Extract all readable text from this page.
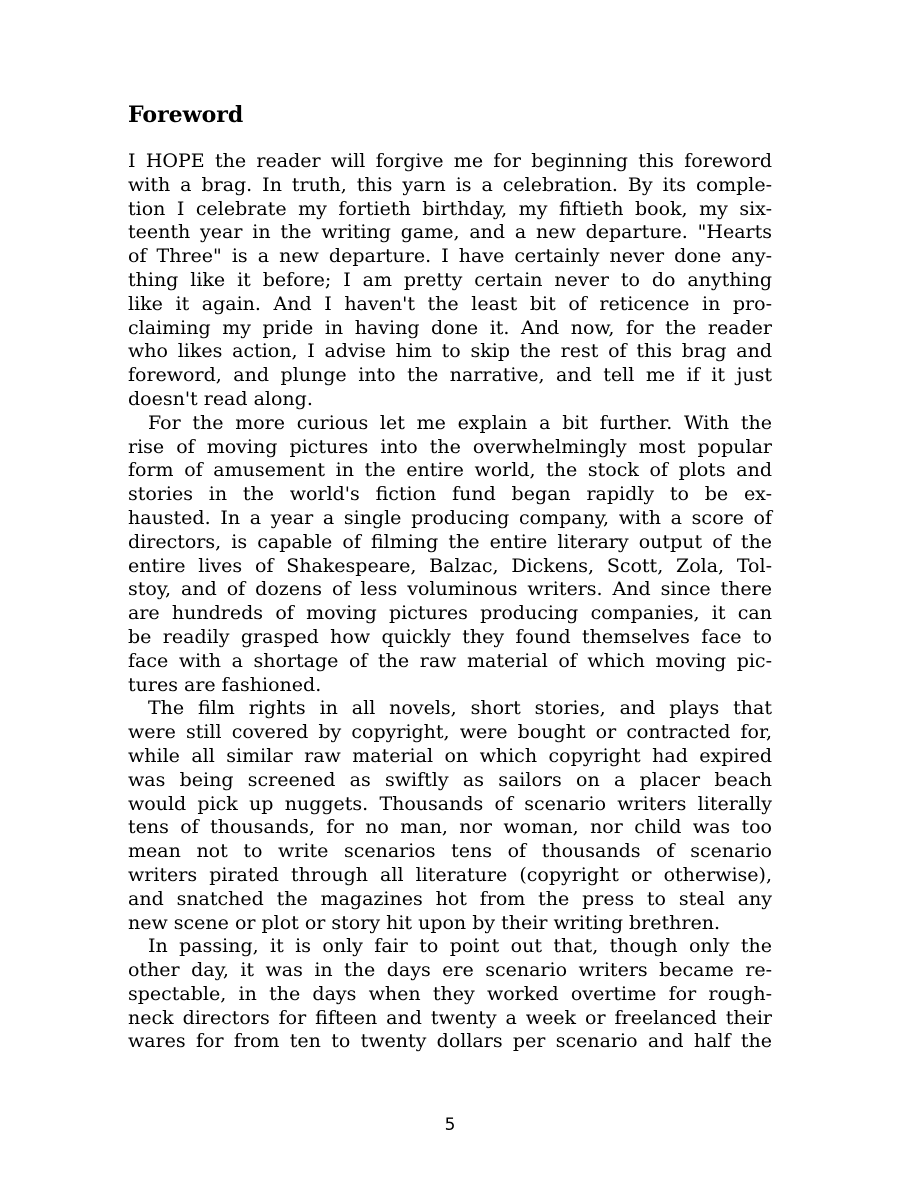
Foreword
I HOPE the reader will forgive me for beginning this foreword
with a brag. In truth, this yarn is a celebration. By its comple-
tion I celebrate my fortieth birthday, my fiftieth book, my six-
teenth year in the writing game, and a new departure. "Hearts
of Three" is a new departure. I have certainly never done any-
thing like it before; I am pretty certain never to do anything
like it again. And I haven't the least bit of reticence in pro-
claiming my pride in having done it. And now, for the reader
who likes action, I advise him to skip the rest of this brag and
foreword, and plunge into the narrative, and tell me if it just
doesn't read along.
For the more curious let me explain a bit further. With the
rise of moving pictures into the overwhelmingly most popular
form of amusement in the entire world, the stock of plots and
stories in the world's fiction fund began rapidly to be ex-
hausted. In a year a single producing company, with a score of
directors, is capable of filming the entire literary output of the
entire lives of Shakespeare, Balzac, Dickens, Scott, Zola, Tol-
stoy, and of dozens of less voluminous writers. And since there
are hundreds of moving pictures producing companies, it can
be readily grasped how quickly they found themselves face to
face with a shortage of the raw material of which moving pic-
tures are fashioned.
The film rights in all novels, short stories, and plays that
were still covered by copyright, were bought or contracted for,
while all similar raw material on which copyright had expired
was being screened as swiftly as sailors on a placer beach
would pick up nuggets. Thousands of scenario writers literally
tens of thousands, for no man, nor woman, nor child was too
mean not to write scenarios tens of thousands of scenario
writers pirated through all literature (copyright or otherwise),
and snatched the magazines hot from the press to steal any
new scene or plot or story hit upon by their writing brethren.
In passing, it is only fair to point out that, though only the
other day, it was in the days ere scenario writers became re-
spectable, in the days when they worked overtime for rough-
neck directors for fifteen and twenty a week or freelanced their
wares for from ten to twenty dollars per scenario and half the
5
